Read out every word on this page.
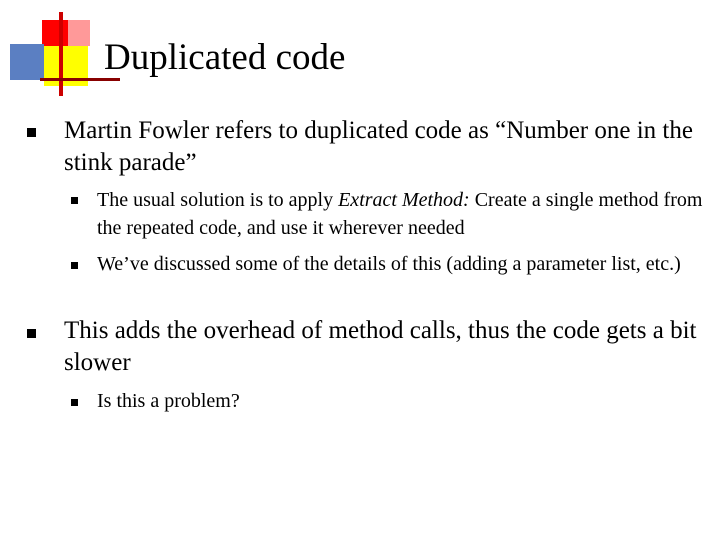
Duplicated code
Martin Fowler refers to duplicated code as “Number one in the stink parade”
The usual solution is to apply Extract Method: Create a single method from the repeated code, and use it wherever needed
We’ve discussed some of the details of this (adding a parameter list, etc.)
This adds the overhead of method calls, thus the code gets a bit slower
Is this a problem?
